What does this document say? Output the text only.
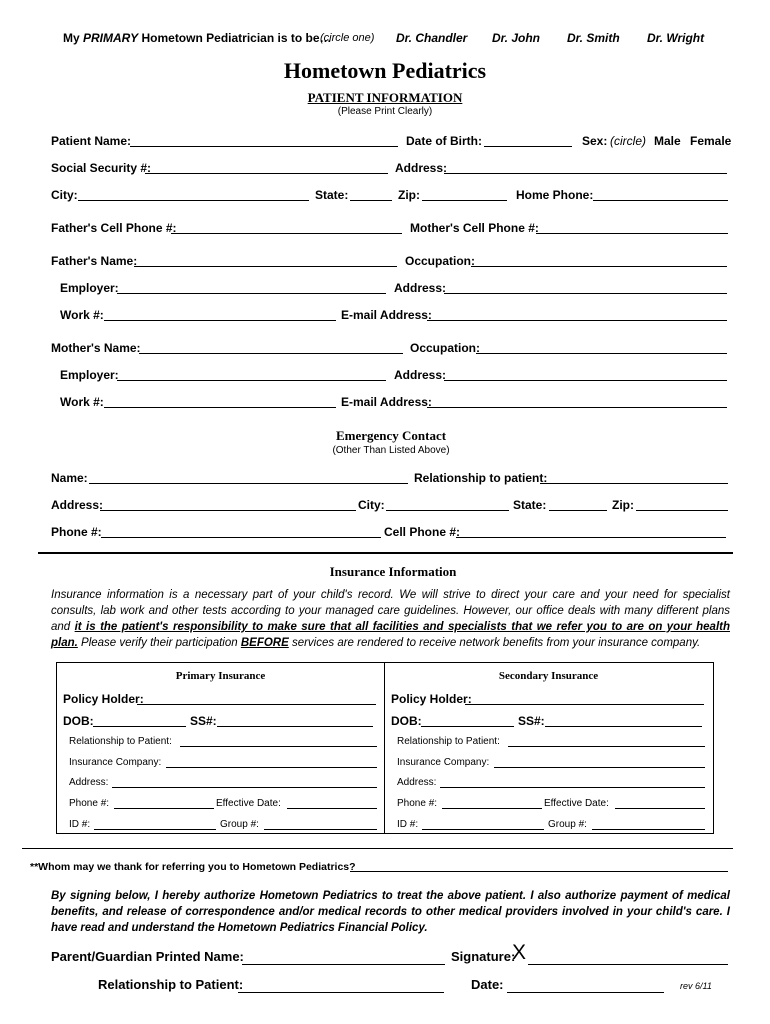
My PRIMARY Hometown Pediatrician is to be…
(circle one) Dr. Chandler Dr. John Dr. Smith Dr. Wright
Hometown Pediatrics
PATIENT INFORMATION
(Please Print Clearly)
Patient Name:	Date of Birth:	Sex: (circle) Male Female
Social Security #:	Address:
City:	State:	Zip:	Home Phone:
Father's Cell Phone #:	Mother's Cell Phone #:
Father's Name:	Occupation:
Employer:	Address:
Work #:	E-mail Address:
Mother's Name:	Occupation:
Employer:	Address:
Work #:	E-mail Address:
Emergency Contact
(Other Than Listed Above)
Name:	Relationship to patient:
Address:	City:	State:	Zip:
Phone #:	Cell Phone #:
Insurance Information
Insurance information is a necessary part of your child's record. We will strive to direct your care and your need for specialist consults, lab work and other tests according to your managed care guidelines. However, our office deals with many different plans and it is the patient's responsibility to make sure that all facilities and specialists that we refer you to are on your health plan. Please verify their participation BEFORE services are rendered to receive network benefits from your insurance company.
Primary Insurance
Policy Holder:
DOB:	SS#:
Relationship to Patient:
Insurance Company:
Address:
Phone #:	Effective Date:
ID #:	Group #:
Secondary Insurance
Policy Holder:
DOB:	SS#:
Relationship to Patient:
Insurance Company:
Address:
Phone #:	Effective Date:
ID #:	Group #:
**Whom may we thank for referring you to Hometown Pediatrics?
By signing below, I hereby authorize Hometown Pediatrics to treat the above patient. I also authorize payment of medical benefits, and release of correspondence and/or medical records to other medical providers involved in your child's care. I have read and understand the Hometown Pediatrics Financial Policy.
Parent/Guardian Printed Name:	Signature:
X
Relationship to Patient:	Date:	rev 6/11
